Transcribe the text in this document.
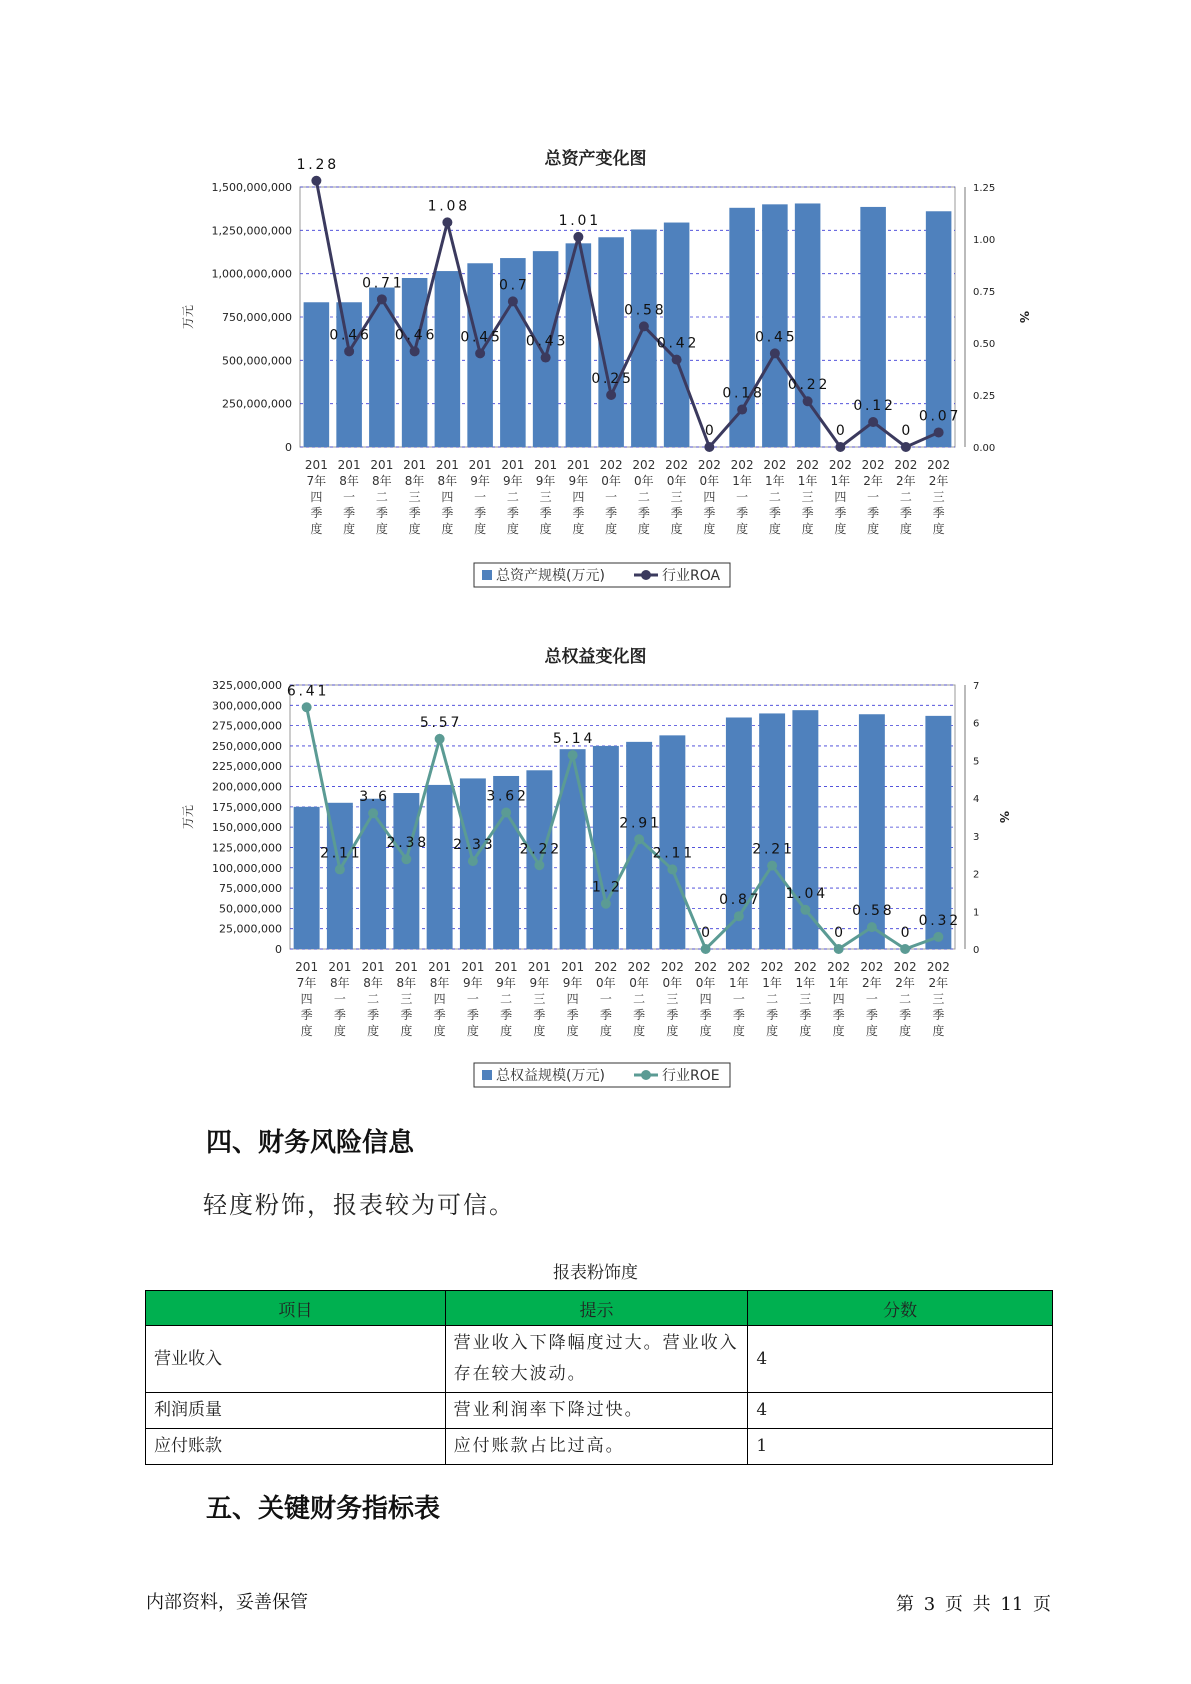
总资产变化图
1,500,000,000
1,250,000,000
1,000,000,000
750,000,000
500,000,000
250,000,000
0
1.25
1.00
0.75
0.50
0.25
0.00
万元	%
1 . 2 8
0 . 4 6
0 . 7 1
0 . 4 6
1 . 0 8
0 . 4 5
0 . 7
0 . 4 3
1 . 0 1
0 . 2 5
0 . 5 8
0 . 4 2
0
0 . 1 8
0 . 4 5
0 . 2 2
0
0 . 1 2
0
0 . 0 7
201 7年四季度
201 8年一季度
201 8年二季度
201 8年三季度
201 8年四季度
201 9年一季度
201 9年二季度
201 9年三季度
201 9年四季度
202 0年一季度
202 0年二季度
202 0年三季度
202 0年四季度
202 1年一季度
202 1年二季度
202 1年三季度
202 1年四季度
202 2年一季度
202 2年二季度
202 2年三季度
总资产规模(万元)	行业ROA
总权益变化图
325,000,000
300,000,000
275,000,000
250,000,000
225,000,000
200,000,000
175,000,000
150,000,000
125,000,000
100,000,000
75,000,000
50,000,000
25,000,000
0
7
6
5
4
3
2
1
0
万元	%
6 . 4 1
2 . 1 1
3 . 6
2 . 3 8
5 . 5 7
2 . 3 3
3 . 6 2
2 . 2 2
5 . 1 4
1 . 2
2 . 9 1
2 . 1 1
0
0 . 8 7
2 . 2 1
1 . 0 4
0
0 . 5 8
0
0 . 3 2
201 7年四季度
201 8年一季度
201 8年二季度
201 8年三季度
201 8年四季度
201 9年一季度
201 9年二季度
201 9年三季度
201 9年四季度
202 0年一季度
202 0年二季度
202 0年三季度
202 0年四季度
202 1年一季度
202 1年二季度
202 1年三季度
202 1年四季度
202 2年一季度
202 2年二季度
202 2年三季度
总权益规模(万元)	行业ROE
四、财务风险信息
轻度粉饰，报表较为可信。
报表粉饰度
项目	提示	分数
营业收入	营业收入下降幅度过大。营业收入存在较大波动。	4
利润质量	营业利润率下降过快。	4
应付账款	应付账款占比过高。	1
五、关键财务指标表
内部资料，妥善保管	第 3 页 共 11 页
